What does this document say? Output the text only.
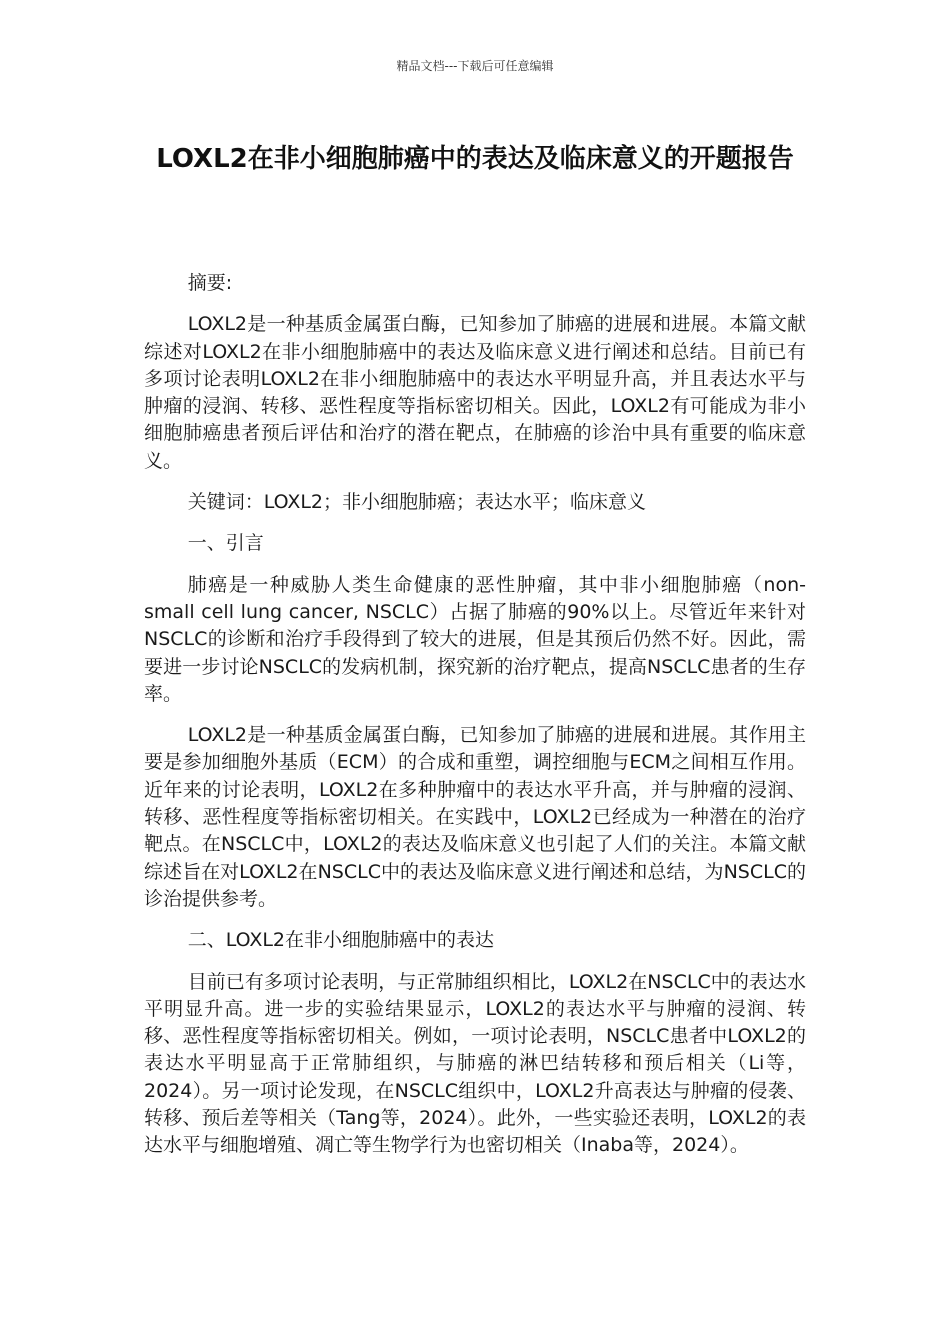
精品文档---下载后可任意编辑
LOXL2在非小细胞肺癌中的表达及临床意义的开题报告

摘要:

LOXL2是一种基质金属蛋白酶，已知参加了肺癌的进展和进展。本篇文献综述对LOXL2在非小细胞肺癌中的表达及临床意义进行阐述和总结。目前已有多项讨论表明LOXL2在非小细胞肺癌中的表达水平明显升高，并且表达水平与肿瘤的浸润、转移、恶性程度等指标密切相关。因此，LOXL2有可能成为非小细胞肺癌患者预后评估和治疗的潜在靶点，在肺癌的诊治中具有重要的临床意义。

关键词：LOXL2；非小细胞肺癌；表达水平；临床意义

一、引言

肺癌是一种威胁人类生命健康的恶性肿瘤，其中非小细胞肺癌（non-small cell lung cancer, NSCLC）占据了肺癌的90%以上。尽管近年来针对NSCLC的诊断和治疗手段得到了较大的进展，但是其预后仍然不好。因此，需要进一步讨论NSCLC的发病机制，探究新的治疗靶点，提高NSCLC患者的生存率。

LOXL2是一种基质金属蛋白酶，已知参加了肺癌的进展和进展。其作用主要是参加细胞外基质（ECM）的合成和重塑，调控细胞与ECM之间相互作用。近年来的讨论表明，LOXL2在多种肿瘤中的表达水平升高，并与肿瘤的浸润、转移、恶性程度等指标密切相关。在实践中，LOXL2已经成为一种潜在的治疗靶点。在NSCLC中，LOXL2的表达及临床意义也引起了人们的关注。本篇文献综述旨在对LOXL2在NSCLC中的表达及临床意义进行阐述和总结，为NSCLC的诊治提供参考。

二、LOXL2在非小细胞肺癌中的表达

目前已有多项讨论表明，与正常肺组织相比，LOXL2在NSCLC中的表达水平明显升高。进一步的实验结果显示，LOXL2的表达水平与肿瘤的浸润、转移、恶性程度等指标密切相关。例如，一项讨论表明，NSCLC患者中LOXL2的表达水平明显高于正常肺组织，与肺癌的淋巴结转移和预后相关（Li等，2024）。另一项讨论发现，在NSCLC组织中，LOXL2升高表达与肿瘤的侵袭、转移、预后差等相关（Tang等，2024）。此外，一些实验还表明，LOXL2的表达水平与细胞增殖、凋亡等生物学行为也密切相关（Inaba等，2024）。
